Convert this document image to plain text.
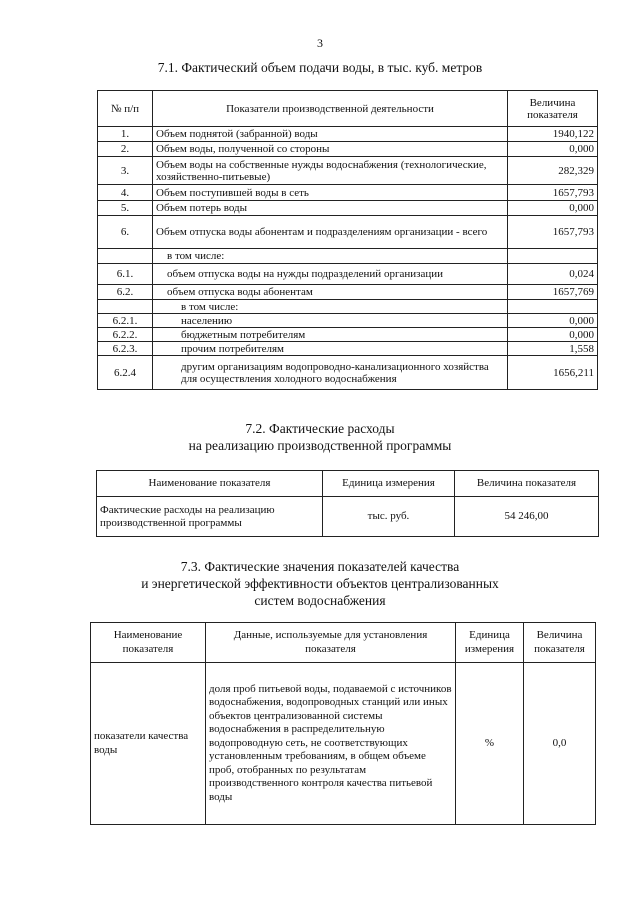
3
7.1. Фактический объем подачи воды, в тыс. куб. метров
№ п/п	Показатели производственной деятельности	Величина показателя
1.	Объем поднятой (забранной) воды	1940,122
2.	Объем воды, полученной со стороны	0,000
3.	Объем воды на собственные нужды водоснабжения (технологические, хозяйственно-питьевые)	282,329
4.	Объем поступившей воды в сеть	1657,793
5.	Объем потерь воды	0,000
6.	Объем отпуска воды абонентам и подразделениям организации - всего	1657,793
	в том числе:	
6.1.	объем отпуска воды на нужды подразделений организации	0,024
6.2.	объем отпуска воды абонентам	1657,769
	в том числе:	
6.2.1.	населению	0,000
6.2.2.	бюджетным потребителям	0,000
6.2.3.	прочим потребителям	1,558
6.2.4	другим организациям водопроводно-канализационного хозяйства для осуществления холодного водоснабжения	1656,211
7.2. Фактические расходы
на реализацию производственной программы
Наименование показателя	Единица измерения	Величина показателя
Фактические расходы на реализацию производственной программы	тыс. руб.	54 246,00
7.3. Фактические значения показателей качества
и энергетической эффективности объектов централизованных
систем водоснабжения
Наименование показателя	Данные, используемые для установления показателя	Единица измерения	Величина показателя
показатели качества воды	доля проб питьевой воды, подаваемой с источников водоснабжения, водопроводных станций или иных объектов централизованной системы водоснабжения в распределительную водопроводную сеть, не соответствующих установленным требованиям, в общем объеме проб, отобранных по результатам производственного контроля качества питьевой воды	%	0,0
